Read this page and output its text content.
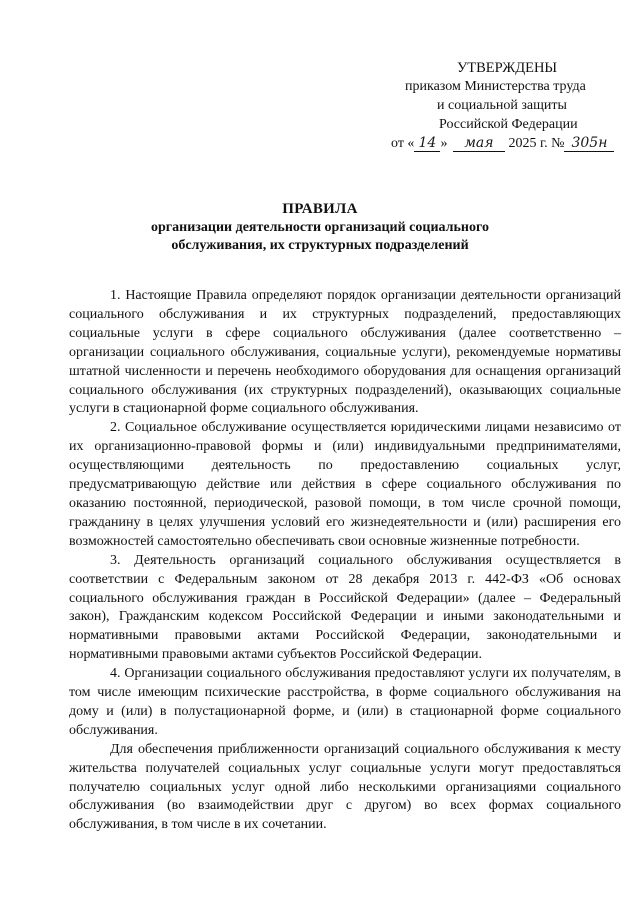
УТВЕРЖДЕНЫ
приказом Министерства труда
и социальной защиты
Российской Федерации
от « 14 » мая 2025 г. № 305н
ПРАВИЛА
организации деятельности организаций социального
обслуживания, их структурных подразделений

1. Настоящие Правила определяют порядок организации деятельности организаций социального обслуживания и их структурных подразделений, предоставляющих социальные услуги в сфере социального обслуживания (далее соответственно – организации социального обслуживания, социальные услуги), рекомендуемые нормативы штатной численности и перечень необходимого оборудования для оснащения организаций социального обслуживания (их структурных подразделений), оказывающих социальные услуги в стационарной форме социального обслуживания.

2. Социальное обслуживание осуществляется юридическими лицами независимо от их организационно-правовой формы и (или) индивидуальными предпринимателями, осуществляющими деятельность по предоставлению социальных услуг, предусматривающую действие или действия в сфере социального обслуживания по оказанию постоянной, периодической, разовой помощи, в том числе срочной помощи, гражданину в целях улучшения условий его жизнедеятельности и (или) расширения его возможностей самостоятельно обеспечивать свои основные жизненные потребности.

3. Деятельность организаций социального обслуживания осуществляется в соответствии с Федеральным законом от 28 декабря 2013 г. 442-ФЗ «Об основах социального обслуживания граждан в Российской Федерации» (далее – Федеральный закон), Гражданским кодексом Российской Федерации и иными законодательными и нормативными правовыми актами Российской Федерации, законодательными и нормативными правовыми актами субъектов Российской Федерации.

4. Организации социального обслуживания предоставляют услуги их получателям, в том числе имеющим психические расстройства, в форме социального обслуживания на дому и (или) в полустационарной форме, и (или) в стационарной форме социального обслуживания.

Для обеспечения приближенности организаций социального обслуживания к месту жительства получателей социальных услуг социальные услуги могут предоставляться получателю социальных услуг одной либо несколькими организациями социального обслуживания (во взаимодействии друг с другом) во всех формах социального обслуживания, в том числе в их сочетании.
